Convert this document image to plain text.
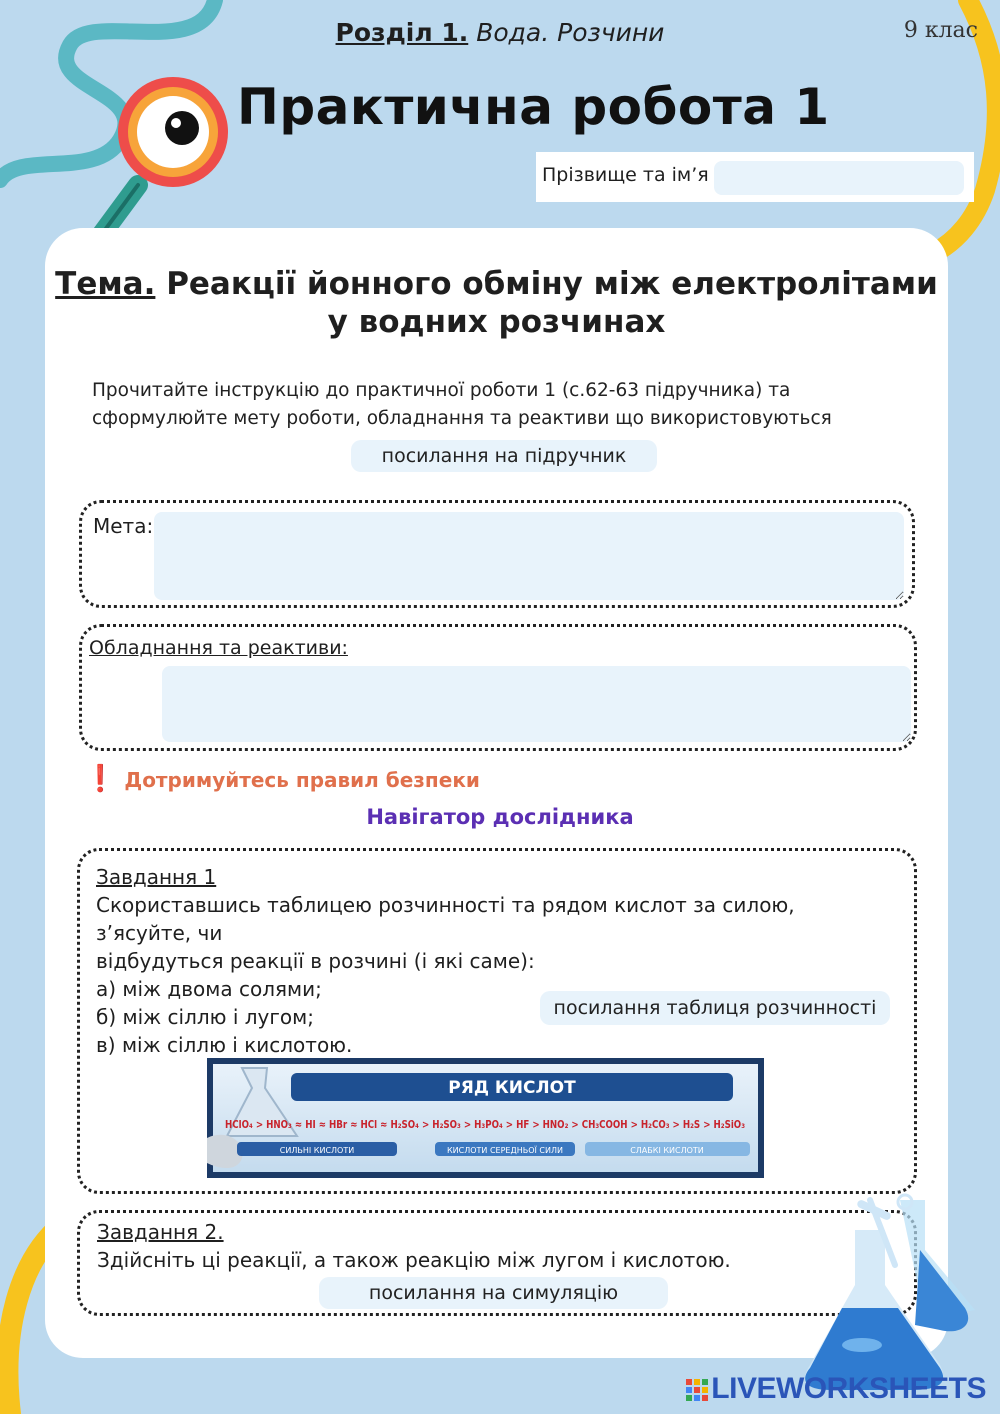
Розділ 1. Вода. Розчини	9 клас
Практична робота 1
Прізвище та ім’я
Тема. Реакції йонного обміну між електролітами
у водних розчинах
Прочитайте інструкцію до практичної роботи 1 (с.62-63 підручника) та
сформулюйте мету роботи, обладнання та реактиви що використовуються
посилання на підручник
Мета:
Обладнання та реактиви:
❗ Дотримуйтесь правил безпеки
Навігатор дослідника
Завдання 1
Скориставшись таблицею розчинності та рядом кислот за силою, з’ясуйте, чи
відбудуться реакції в розчині (і які саме):
а) між двома солями;
б) між сіллю і лугом;
в) між сіллю і кислотою.
посилання таблиця розчинності
РЯД КИСЛОТ
HClO₄ > HNO₃ ≈ HI ≈ HBr ≈ HCl ≈ H₂SO₄ > H₂SO₃ > H₃PO₄ > HF > HNO₂ > CH₃COOH > H₂CO₃ > H₂S > H₂SiO₃
СИЛЬНІ КИСЛОТИ	КИСЛОТИ СЕРЕДНЬОЇ СИЛИ	СЛАБКІ КИСЛОТИ
Завдання 2.
Здійсніть ці реакції, а також реакцію між лугом і кислотою.
посилання на симуляцію
LIVEWORKSHEETS
